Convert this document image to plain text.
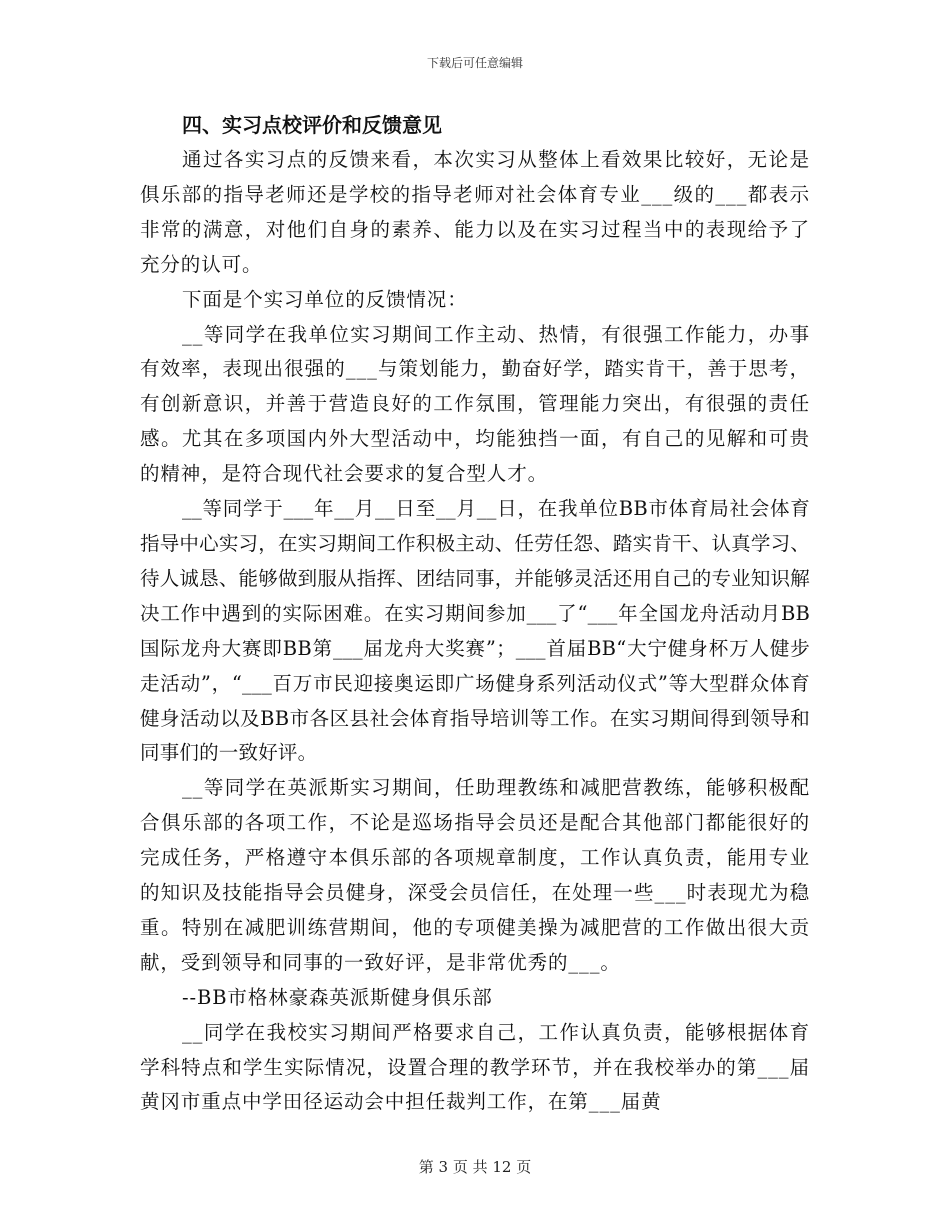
下载后可任意编辑
四、实习点校评价和反馈意见

通过各实习点的反馈来看，本次实习从整体上看效果比较好，无论是俱乐部的指导老师还是学校的指导老师对社会体育专业___级的___都表示非常的满意，对他们自身的素养、能力以及在实习过程当中的表现给予了充分的认可。

下面是个实习单位的反馈情况：

__等同学在我单位实习期间工作主动、热情，有很强工作能力，办事有效率，表现出很强的___与策划能力，勤奋好学，踏实肯干，善于思考，有创新意识，并善于营造良好的工作氛围，管理能力突出，有很强的责任感。尤其在多项国内外大型活动中，均能独挡一面，有自己的见解和可贵的精神，是符合现代社会要求的复合型人才。

__等同学于___年__月__日至__月__日，在我单位BB市体育局社会体育指导中心实习，在实习期间工作积极主动、任劳任怨、踏实肯干、认真学习、待人诚恳、能够做到服从指挥、团结同事，并能够灵活还用自己的专业知识解决工作中遇到的实际困难。在实习期间参加___了“___年全国龙舟活动月BB国际龙舟大赛即BB第___届龙舟大奖赛”；___首届BB“大宁健身杯万人健步走活动”，“___百万市民迎接奥运即广场健身系列活动仪式”等大型群众体育健身活动以及BB市各区县社会体育指导培训等工作。在实习期间得到领导和同事们的一致好评。

__等同学在英派斯实习期间，任助理教练和减肥营教练，能够积极配合俱乐部的各项工作，不论是巡场指导会员还是配合其他部门都能很好的完成任务，严格遵守本俱乐部的各项规章制度，工作认真负责，能用专业的知识及技能指导会员健身，深受会员信任，在处理一些___时表现尤为稳重。特别在减肥训练营期间，他的专项健美操为减肥营的工作做出很大贡献，受到领导和同事的一致好评，是非常优秀的___。

--BB市格林豪森英派斯健身俱乐部

__同学在我校实习期间严格要求自己，工作认真负责，能够根据体育学科特点和学生实际情况，设置合理的教学环节，并在我校举办的第___届黄冈市重点中学田径运动会中担任裁判工作，在第___届黄

第 3 页 共 12 页
